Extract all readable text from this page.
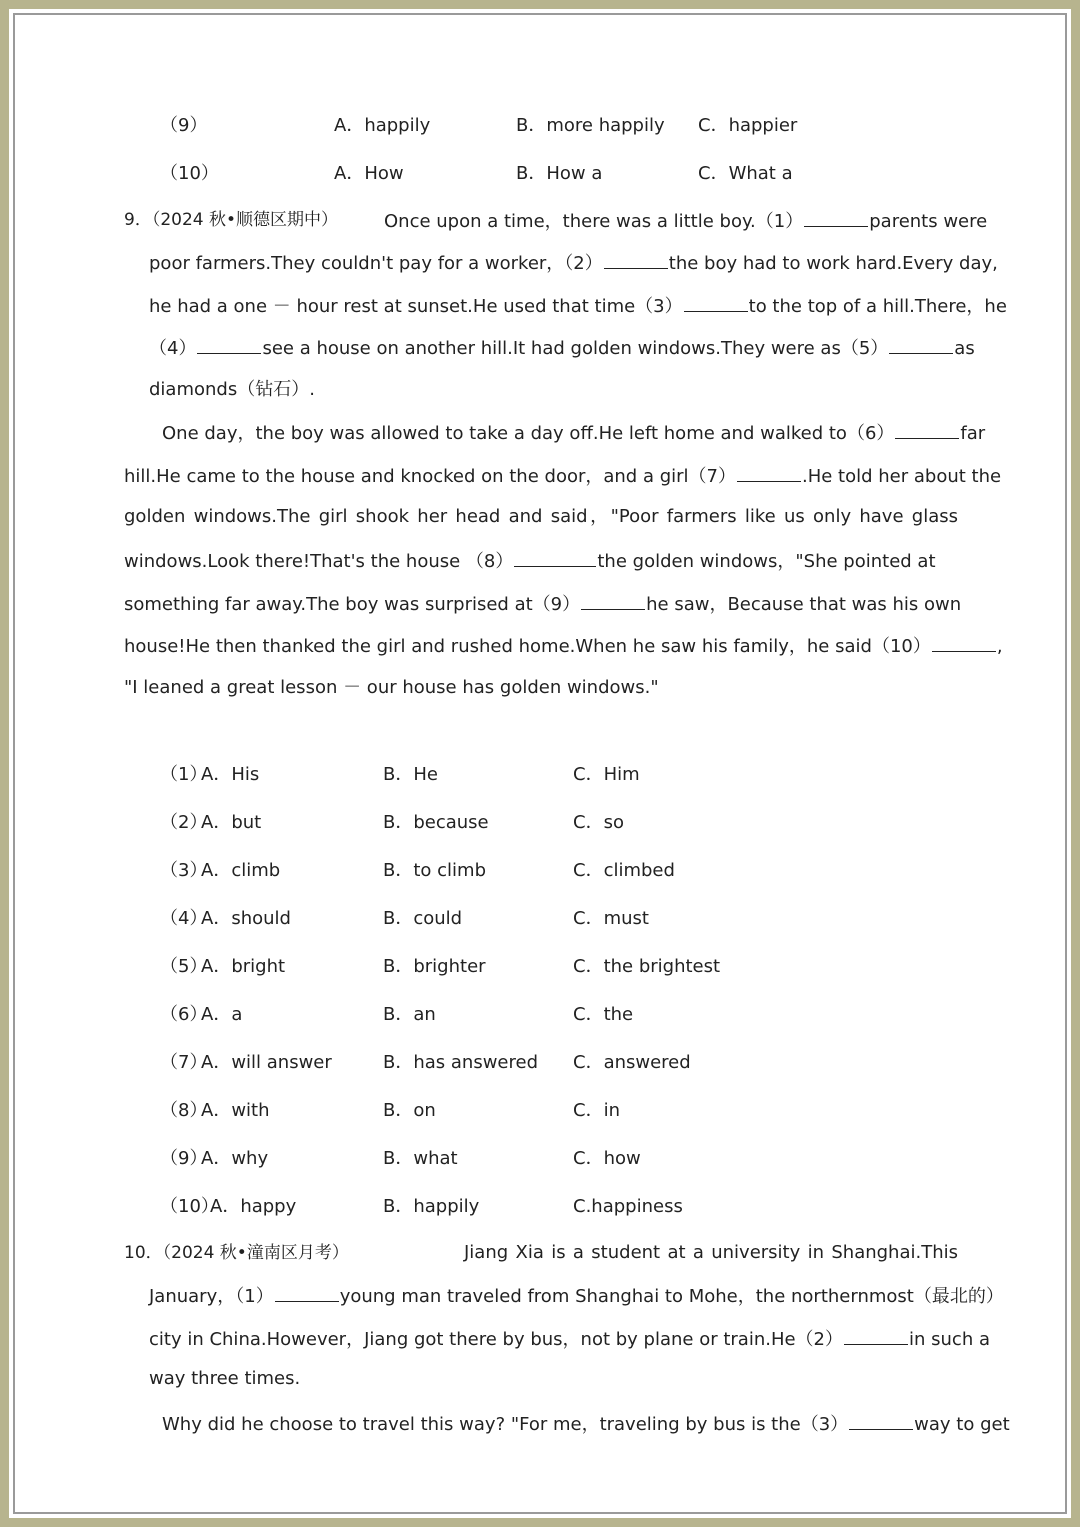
（9）	A．happily	B．more happily C．happier
（10）	A．How	B．How a	C．What a
9．（2024 秋•顺德区期中）	Once upon a time，there was a little boy.（1）	parents were
poor farmers.They couldn't pay for a worker，（2）	the boy had to work hard.Every day,
he had a one － hour rest at sunset.He used that time（3）	to the top of a hill.There，he
（4）	see a house on another hill.It had golden windows.They were as（5）	as
diamonds（钻石）.
One day，the boy was allowed to take a day off.He left home and walked to（6）	far
hill.He came to the house and knocked on the door，and a girl（7）	.He told her about the
golden windows.The girl shook her head and said，"Poor farmers like us only have glass
windows.Look there!That's the house （8）	the golden windows，"She pointed at
something far away.The boy was surprised at（9）	he saw，Because that was his own
house!He then thanked the girl and rushed home.When he saw his family，he said（10）	,
"I leaned a great lesson － our house has golden windows."
（1）
A．His	B．He	C．Him
（2）
A．but	B．because	C．so
（3）
A．climb	B．to climb	C．climbed
（4）
A．should	B．could	C．must
（5）
A．bright	B．brighter	C．the brightest
（6）
A．a	B．an	C．the
（7）
A．will answer	B．has answered C．answered
（8）
A．with	B．on	C．in
（9）
A．why	B．what	C．how
（10）
A．happy	B．happily	C.happiness
10．（2024 秋•潼南区月考）	Jiang Xia is a student at a university in Shanghai.This
January，（1）	young man traveled from Shanghai to Mohe，the northernmost（最北的）
city in China.However，Jiang got there by bus，not by plane or train.He（2）	in such a
way three times.
Why did he choose to travel this way? "For me，traveling by bus is the（3）	way to get
